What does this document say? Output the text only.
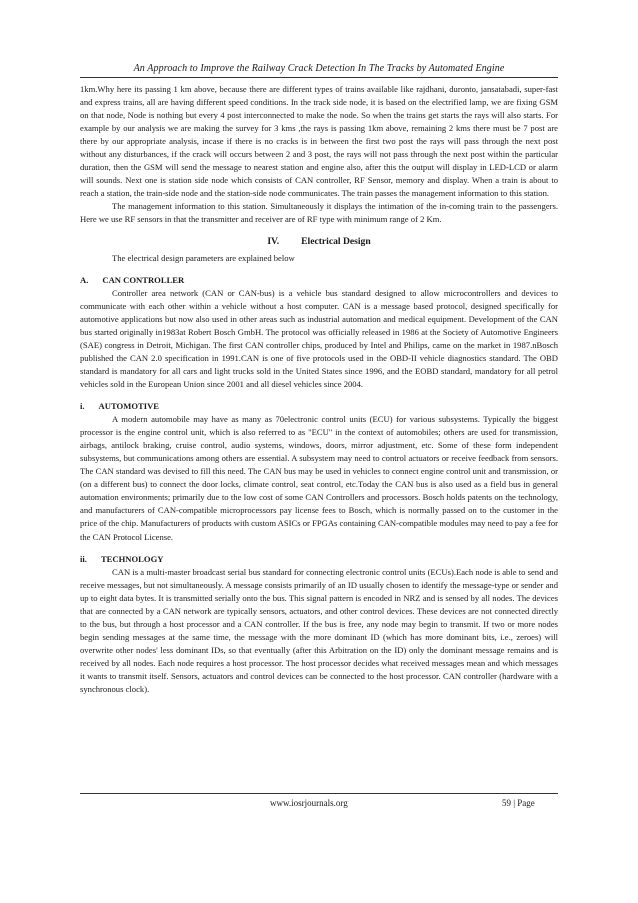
An Approach to Improve the Railway Crack Detection In The Tracks by Automated Engine

1km.Why here its passing 1 km above, because there are different types of trains available like rajdhani, duronto, jansatabadi, super-fast and express trains, all are having different speed conditions. In the track side node, it is based on the electrified lamp, we are fixing GSM on that node, Node is nothing but every 4 post interconnected to make the node. So when the trains get starts the rays will also starts. For example by our analysis we are making the survey for 3 kms ,the rays is passing 1km above, remaining 2 kms there must be 7 post are there by our appropriate analysis, incase if there is no cracks is in between the first two post the rays will pass through the next post without any disturbances, if the crack will occurs between 2 and 3 post, the rays will not pass through the next post within the particular duration, then the GSM will send the message to nearest station and engine also, after this the output will display in LED-LCD or alarm will sounds. Next one is station side node which consists of CAN controller, RF Sensor, memory and display. When a train is about to reach a station, the train-side node and the station-side node communicates. The train passes the management information to this station.

The management information to this station. Simultaneously it displays the intimation of the in-coming train to the passengers. Here we use RF sensors in that the transmitter and receiver are of RF type with minimum range of 2 Km.

IV. Electrical Design

The electrical design parameters are explained below

A. CAN CONTROLLER

Controller area network (CAN or CAN-bus) is a vehicle bus standard designed to allow microcontrollers and devices to communicate with each other within a vehicle without a host computer. CAN is a message based protocol, designed specifically for automotive applications but now also used in other areas such as industrial automation and medical equipment. Development of the CAN bus started originally in1983at Robert Bosch GmbH. The protocol was officially released in 1986 at the Society of Automotive Engineers (SAE) congress in Detroit, Michigan. The first CAN controller chips, produced by Intel and Philips, came on the market in 1987.nBosch published the CAN 2.0 specification in 1991.CAN is one of five protocols used in the OBD-II vehicle diagnostics standard. The OBD standard is mandatory for all cars and light trucks sold in the United States since 1996, and the EOBD standard, mandatory for all petrol vehicles sold in the European Union since 2001 and all diesel vehicles since 2004.

i. AUTOMOTIVE

A modern automobile may have as many as 70electronic control units (ECU) for various subsystems. Typically the biggest processor is the engine control unit, which is also referred to as "ECU" in the context of automobiles; others are used for transmission, airbags, antilock braking, cruise control, audio systems, windows, doors, mirror adjustment, etc. Some of these form independent subsystems, but communications among others are essential. A subsystem may need to control actuators or receive feedback from sensors. The CAN standard was devised to fill this need. The CAN bus may be used in vehicles to connect engine control unit and transmission, or (on a different bus) to connect the door locks, climate control, seat control, etc.Today the CAN bus is also used as a field bus in general automation environments; primarily due to the low cost of some CAN Controllers and processors. Bosch holds patents on the technology, and manufacturers of CAN-compatible microprocessors pay license fees to Bosch, which is normally passed on to the customer in the price of the chip. Manufacturers of products with custom ASICs or FPGAs containing CAN-compatible modules may need to pay a fee for the CAN Protocol License.

ii. TECHNOLOGY

CAN is a multi-master broadcast serial bus standard for connecting electronic control units (ECUs).Each node is able to send and receive messages, but not simultaneously. A message consists primarily of an ID usually chosen to identify the message-type or sender and up to eight data bytes. It is transmitted serially onto the bus. This signal pattern is encoded in NRZ and is sensed by all nodes. The devices that are connected by a CAN network are typically sensors, actuators, and other control devices. These devices are not connected directly to the bus, but through a host processor and a CAN controller. If the bus is free, any node may begin to transmit. If two or more nodes begin sending messages at the same time, the message with the more dominant ID (which has more dominant bits, i.e., zeroes) will overwrite other nodes' less dominant IDs, so that eventually (after this Arbitration on the ID) only the dominant message remains and is received by all nodes. Each node requires a host processor. The host processor decides what received messages mean and which messages it wants to transmit itself. Sensors, actuators and control devices can be connected to the host processor. CAN controller (hardware with a synchronous clock).

www.iosrjournals.org	59 | Page
